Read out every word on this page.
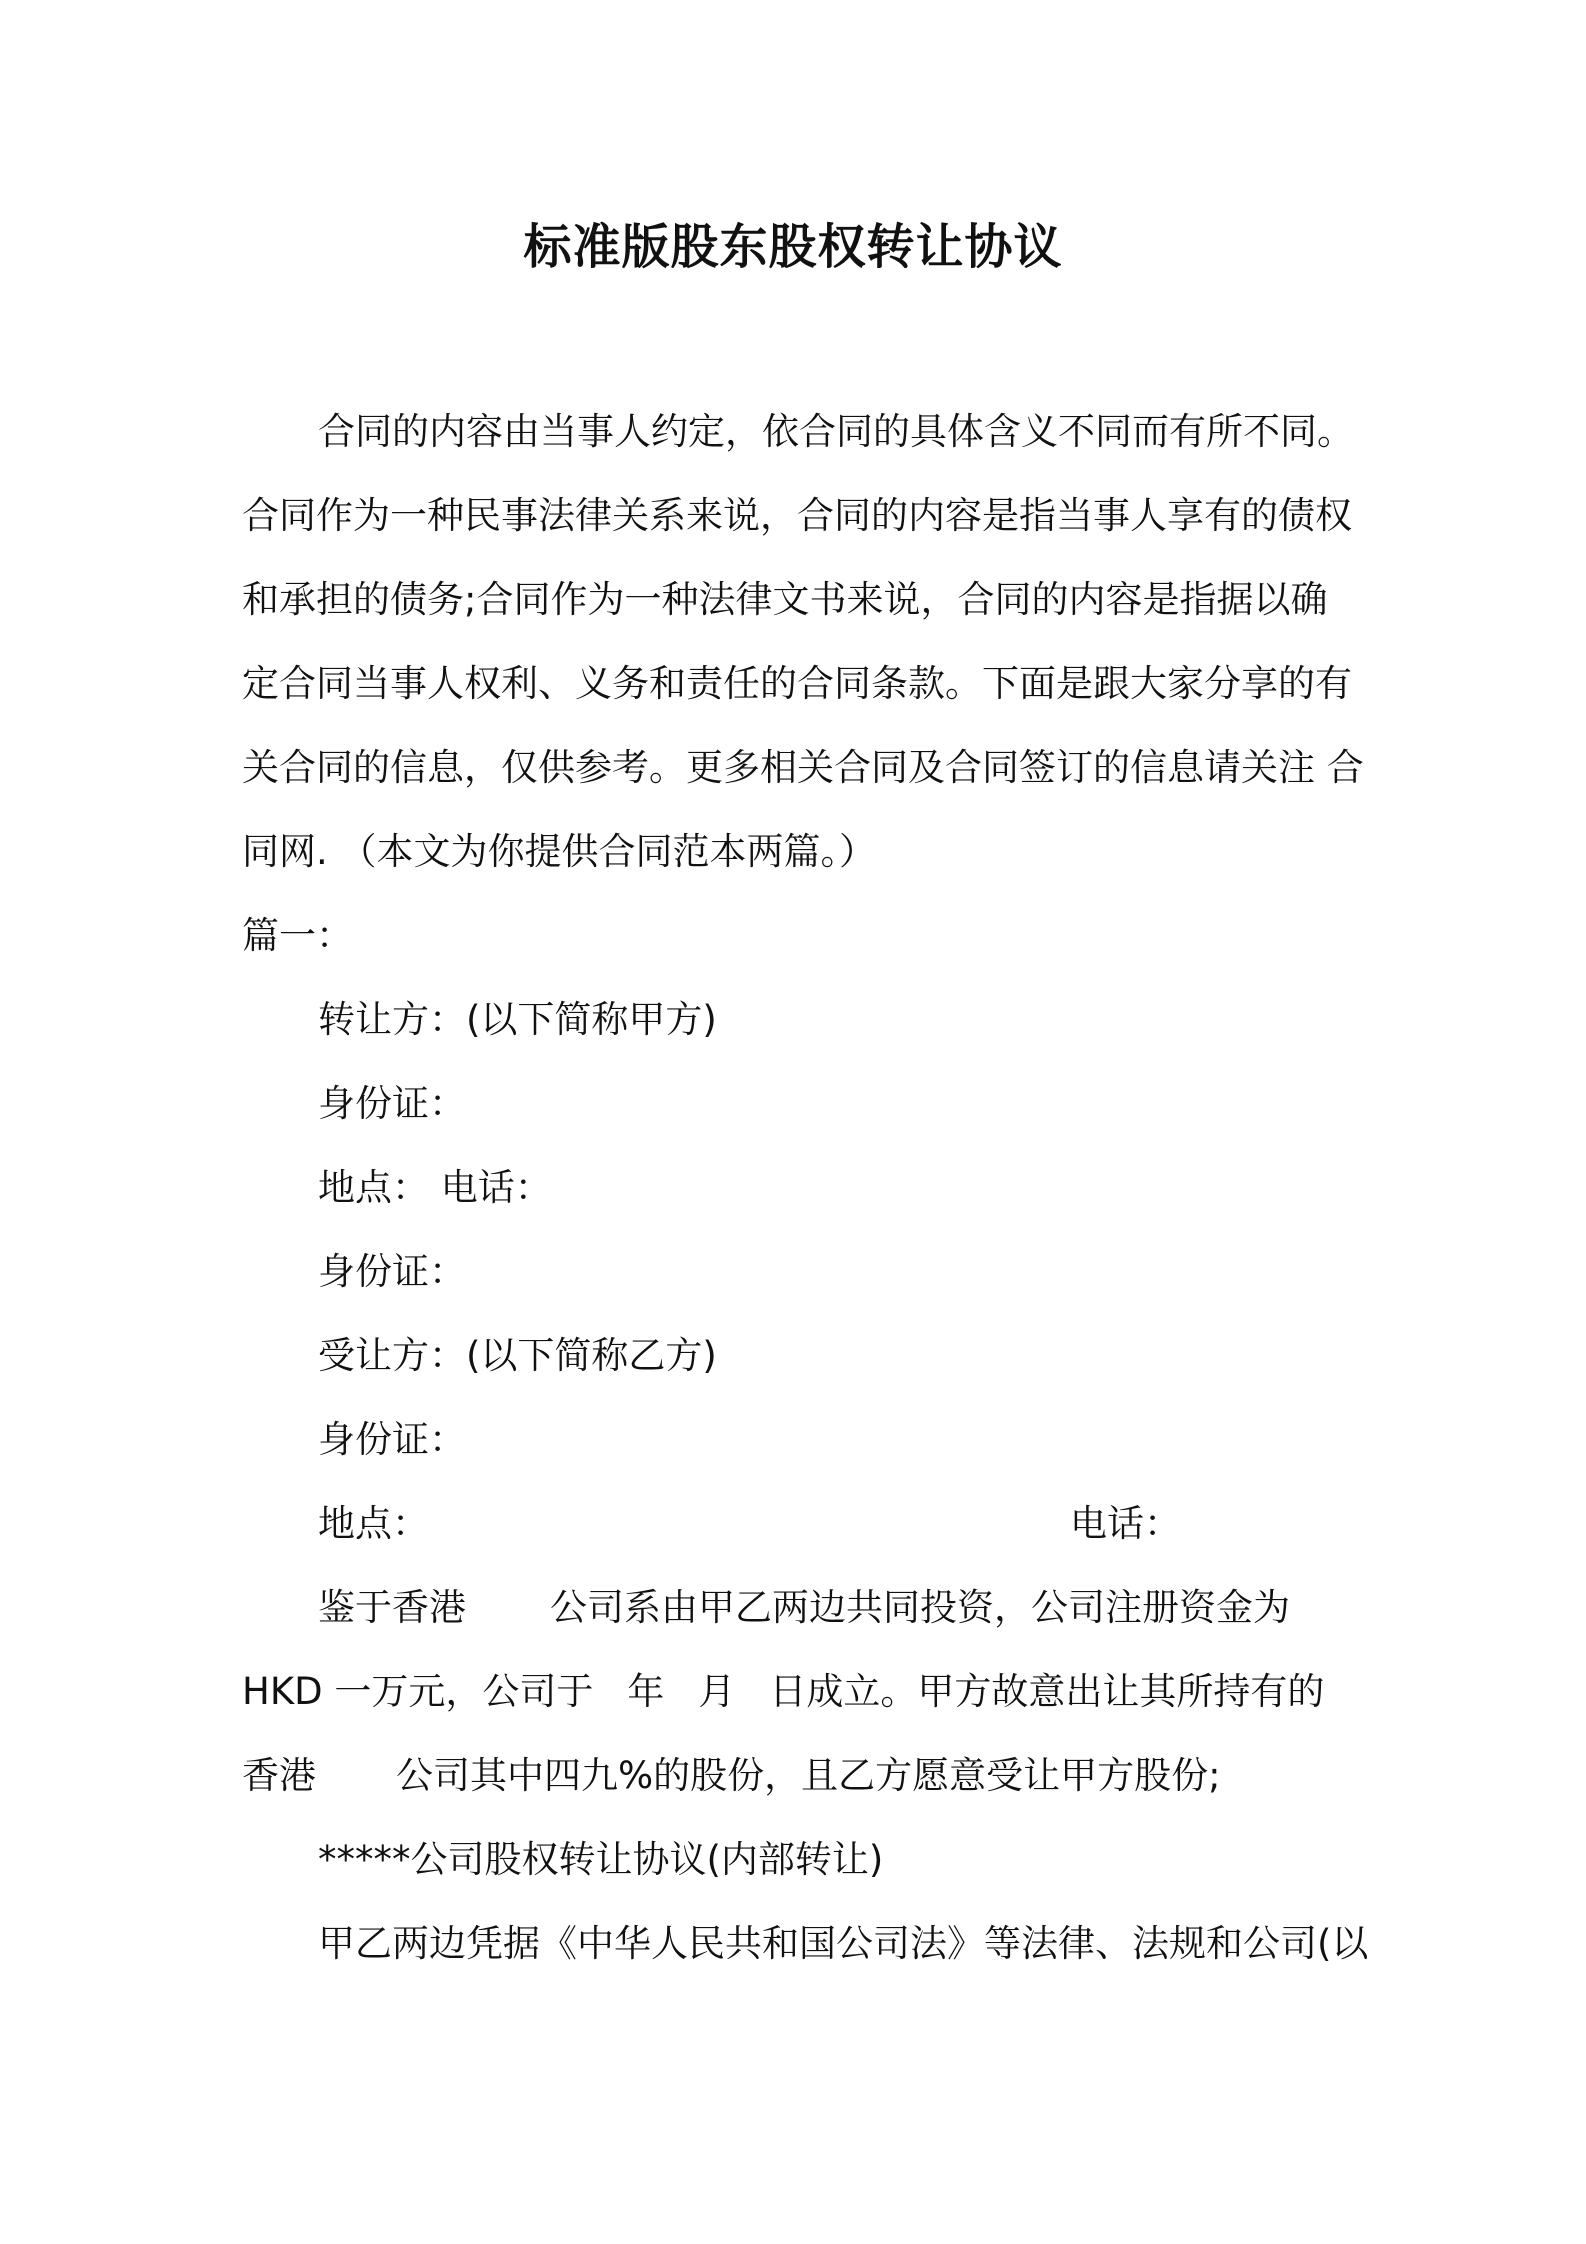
标准版股东股权转让协议
合同的内容由当事人约定，依合同的具体含义不同而有所不同。
合同作为一种民事法律关系来说，合同的内容是指当事人享有的债权
和承担的债务;合同作为一种法律文书来说，合同的内容是指据以确
定合同当事人权利、义务和责任的合同条款。下面是跟大家分享的有
关合同的信息，仅供参考。更多相关合同及合同签订的信息请关注 合
同网. （本文为你提供合同范本两篇。）
篇一：
转让方：(以下简称甲方)
身份证：
地点： 电话：
身份证：
受让方：(以下简称乙方)
身份证：
地点：	电话：
鉴于香港 公司系由甲乙两边共同投资，公司注册资金为
HKD 一万元，公司于 年 月 日成立。甲方故意出让其所持有的
香港 公司其中四九%的股份，且乙方愿意受让甲方股份;
*****公司股权转让协议(内部转让)
甲乙两边凭据《中华人民共和国公司法》等法律、法规和公司(以
